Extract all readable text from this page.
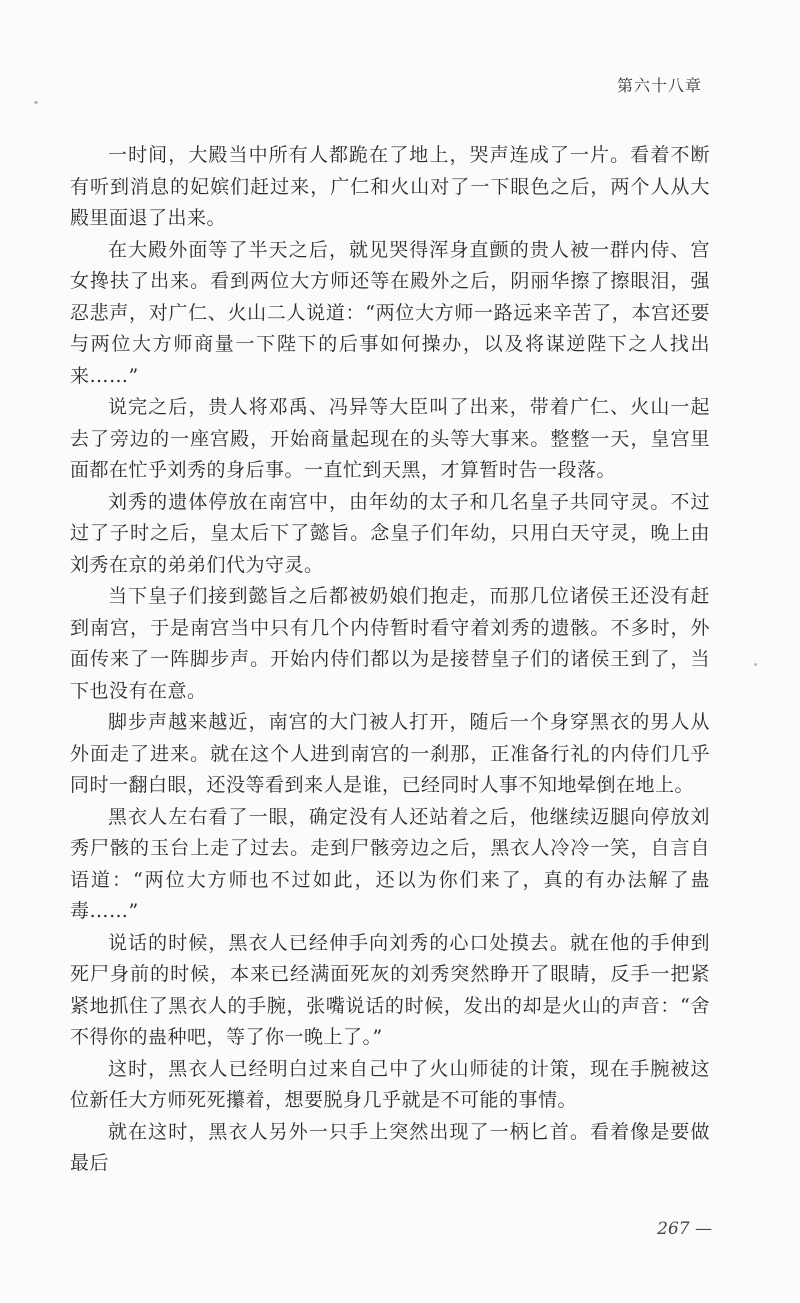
第六十八章

一时间，大殿当中所有人都跪在了地上，哭声连成了一片。看着不断有听到消息的妃嫔们赶过来，广仁和火山对了一下眼色之后，两个人从大殿里面退了出来。

在大殿外面等了半天之后，就见哭得浑身直颤的贵人被一群内侍、宫女搀扶了出来。看到两位大方师还等在殿外之后，阴丽华擦了擦眼泪，强忍悲声，对广仁、火山二人说道：“两位大方师一路远来辛苦了，本宫还要与两位大方师商量一下陛下的后事如何操办，以及将谋逆陛下之人找出来……”

说完之后，贵人将邓禹、冯异等大臣叫了出来，带着广仁、火山一起去了旁边的一座宫殿，开始商量起现在的头等大事来。整整一天，皇宫里面都在忙乎刘秀的身后事。一直忙到天黑，才算暂时告一段落。

刘秀的遗体停放在南宫中，由年幼的太子和几名皇子共同守灵。不过过了子时之后，皇太后下了懿旨。念皇子们年幼，只用白天守灵，晚上由刘秀在京的弟弟们代为守灵。

当下皇子们接到懿旨之后都被奶娘们抱走，而那几位诸侯王还没有赶到南宫，于是南宫当中只有几个内侍暂时看守着刘秀的遗骸。不多时，外面传来了一阵脚步声。开始内侍们都以为是接替皇子们的诸侯王到了，当下也没有在意。

脚步声越来越近，南宫的大门被人打开，随后一个身穿黑衣的男人从外面走了进来。就在这个人进到南宫的一刹那，正准备行礼的内侍们几乎同时一翻白眼，还没等看到来人是谁，已经同时人事不知地晕倒在地上。

黑衣人左右看了一眼，确定没有人还站着之后，他继续迈腿向停放刘秀尸骸的玉台上走了过去。走到尸骸旁边之后，黑衣人冷冷一笑，自言自语道：“两位大方师也不过如此，还以为你们来了，真的有办法解了蛊毒……”

说话的时候，黑衣人已经伸手向刘秀的心口处摸去。就在他的手伸到死尸身前的时候，本来已经满面死灰的刘秀突然睁开了眼睛，反手一把紧紧地抓住了黑衣人的手腕，张嘴说话的时候，发出的却是火山的声音：“舍不得你的蛊种吧，等了你一晚上了。”

这时，黑衣人已经明白过来自己中了火山师徒的计策，现在手腕被这位新任大方师死死攥着，想要脱身几乎就是不可能的事情。

就在这时，黑衣人另外一只手上突然出现了一柄匕首。看着像是要做最后

267 —
